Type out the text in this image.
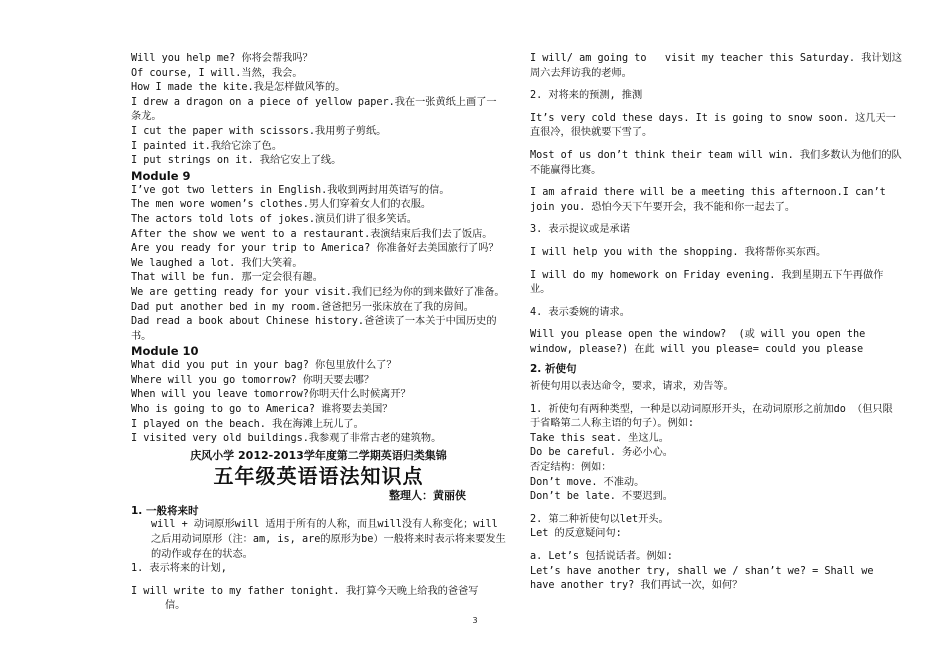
Will you help me? 你将会帮我吗？
Of course, I will.当然，我会。
How I made the kite.我是怎样做风筝的。
I drew a dragon on a piece of yellow paper.我在一张黄纸上画了一条龙。
I cut the paper with scissors.我用剪子剪纸。
I painted it.我给它涂了色。
I put strings on it. 我给它安上了线。
Module 9
I’ve got two letters in English.我收到两封用英语写的信。
The men wore women’s clothes.男人们穿着女人们的衣服。
The actors told lots of jokes.演员们讲了很多笑话。
After the show we went to a restaurant.表演结束后我们去了饭店。
Are you ready for your trip to America? 你准备好去美国旅行了吗？
We laughed a lot. 我们大笑着。
That will be fun. 那一定会很有趣。
We are getting ready for your visit.我们已经为你的到来做好了准备。
Dad put another bed in my room.爸爸把另一张床放在了我的房间。
Dad read a book about Chinese history.爸爸读了一本关于中国历史的书。
Module 10
What did you put in your bag? 你包里放什么了？
Where will you go tomorrow? 你明天要去哪？
When will you leave tomorrow?你明天什么时候离开？
Who is going to go to America? 谁将要去美国？
I played on the beach. 我在海滩上玩儿了。
I visited very old buildings.我参观了非常古老的建筑物。
庆风小学 2012-2013学年度第二学期英语归类集锦
五年级英语语法知识点
整理人：黄丽侠
1. 一般将来时
will + 动词原形will 适用于所有的人称，而且will没有人称变化；will之后用动词原形（注：am, is, are的原形为be）一般将来时表示将来要发生的动作或存在的状态。
1. 表示将来的计划,
I will write to my father tonight. 我打算今天晚上给我的爸爸写
信。
I will/ am going to   visit my teacher this Saturday. 我计划这周六去拜访我的老师。
2. 对将来的预测, 推测
It’s very cold these days. It is going to snow soon. 这几天一直很冷，很快就要下雪了。
Most of us don’t think their team will win. 我们多数认为他们的队不能赢得比赛。
I am afraid there will be a meeting this afternoon.I can’t join you. 恐怕今天下午要开会，我不能和你一起去了。
3. 表示提议或是承诺
I will help you with the shopping. 我将帮你买东西。
I will do my homework on Friday evening. 我到星期五下午再做作业。
4. 表示委婉的请求。
Will you please open the window?  (或 will you open the window, please?) 在此 will you please= could you please
2. 祈使句
祈使句用以表达命令，要求，请求，劝告等。
1. 祈使句有两种类型，一种是以动词原形开头，在动词原形之前加do （但只限于省略第二人称主语的句子）。例如:
Take this seat. 坐这儿。
Do be careful. 务必小心。
否定结构：例如：
Don’t move. 不准动。
Don’t be late. 不要迟到。
2. 第二种祈使句以let开头。
Let 的反意疑问句:
a. Let’s 包括说话者。例如:
Let’s have another try, shall we / shan’t we? = Shall we have another try? 我们再试一次，如何？
3
